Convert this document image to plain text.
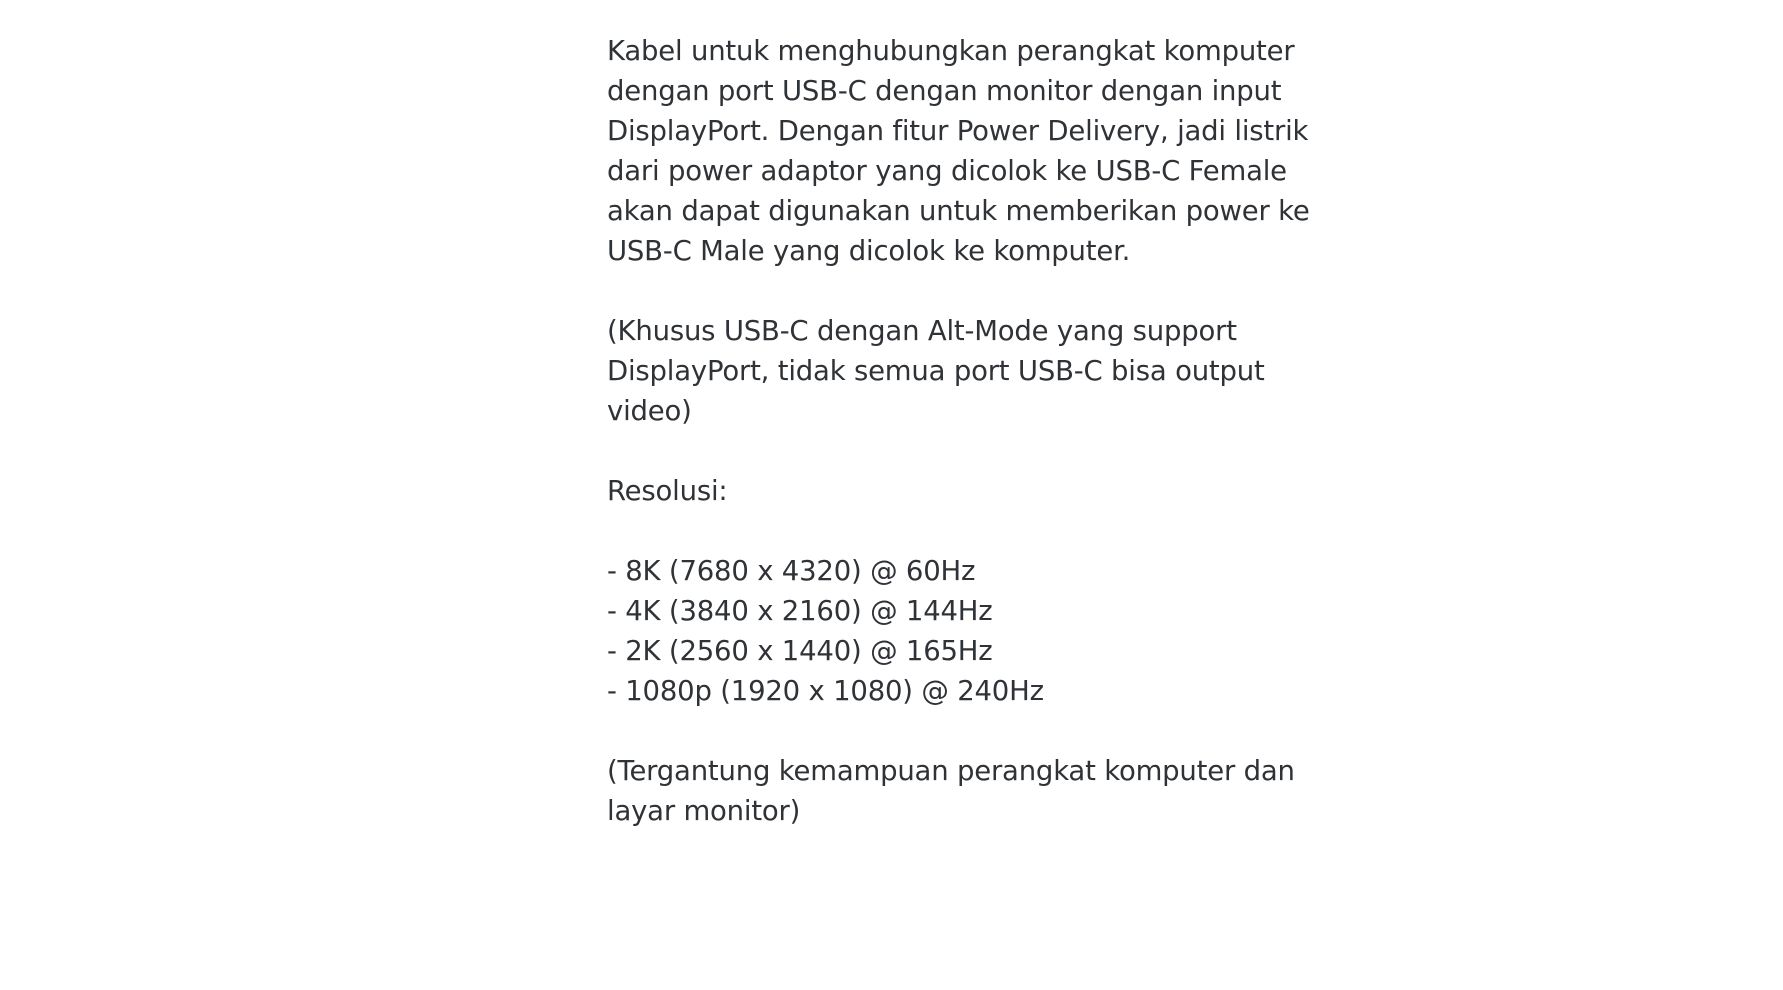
Kabel untuk menghubungkan perangkat komputer
dengan port USB-C dengan monitor dengan input
DisplayPort. Dengan fitur Power Delivery, jadi listrik
dari power adaptor yang dicolok ke USB-C Female
akan dapat digunakan untuk memberikan power ke
USB-C Male yang dicolok ke komputer.

(Khusus USB-C dengan Alt-Mode yang support
DisplayPort, tidak semua port USB-C bisa output
video)

Resolusi:

- 8K (7680 x 4320) @ 60Hz
- 4K (3840 x 2160) @ 144Hz
- 2K (2560 x 1440) @ 165Hz
- 1080p (1920 x 1080) @ 240Hz

(Tergantung kemampuan perangkat komputer dan
layar monitor)
